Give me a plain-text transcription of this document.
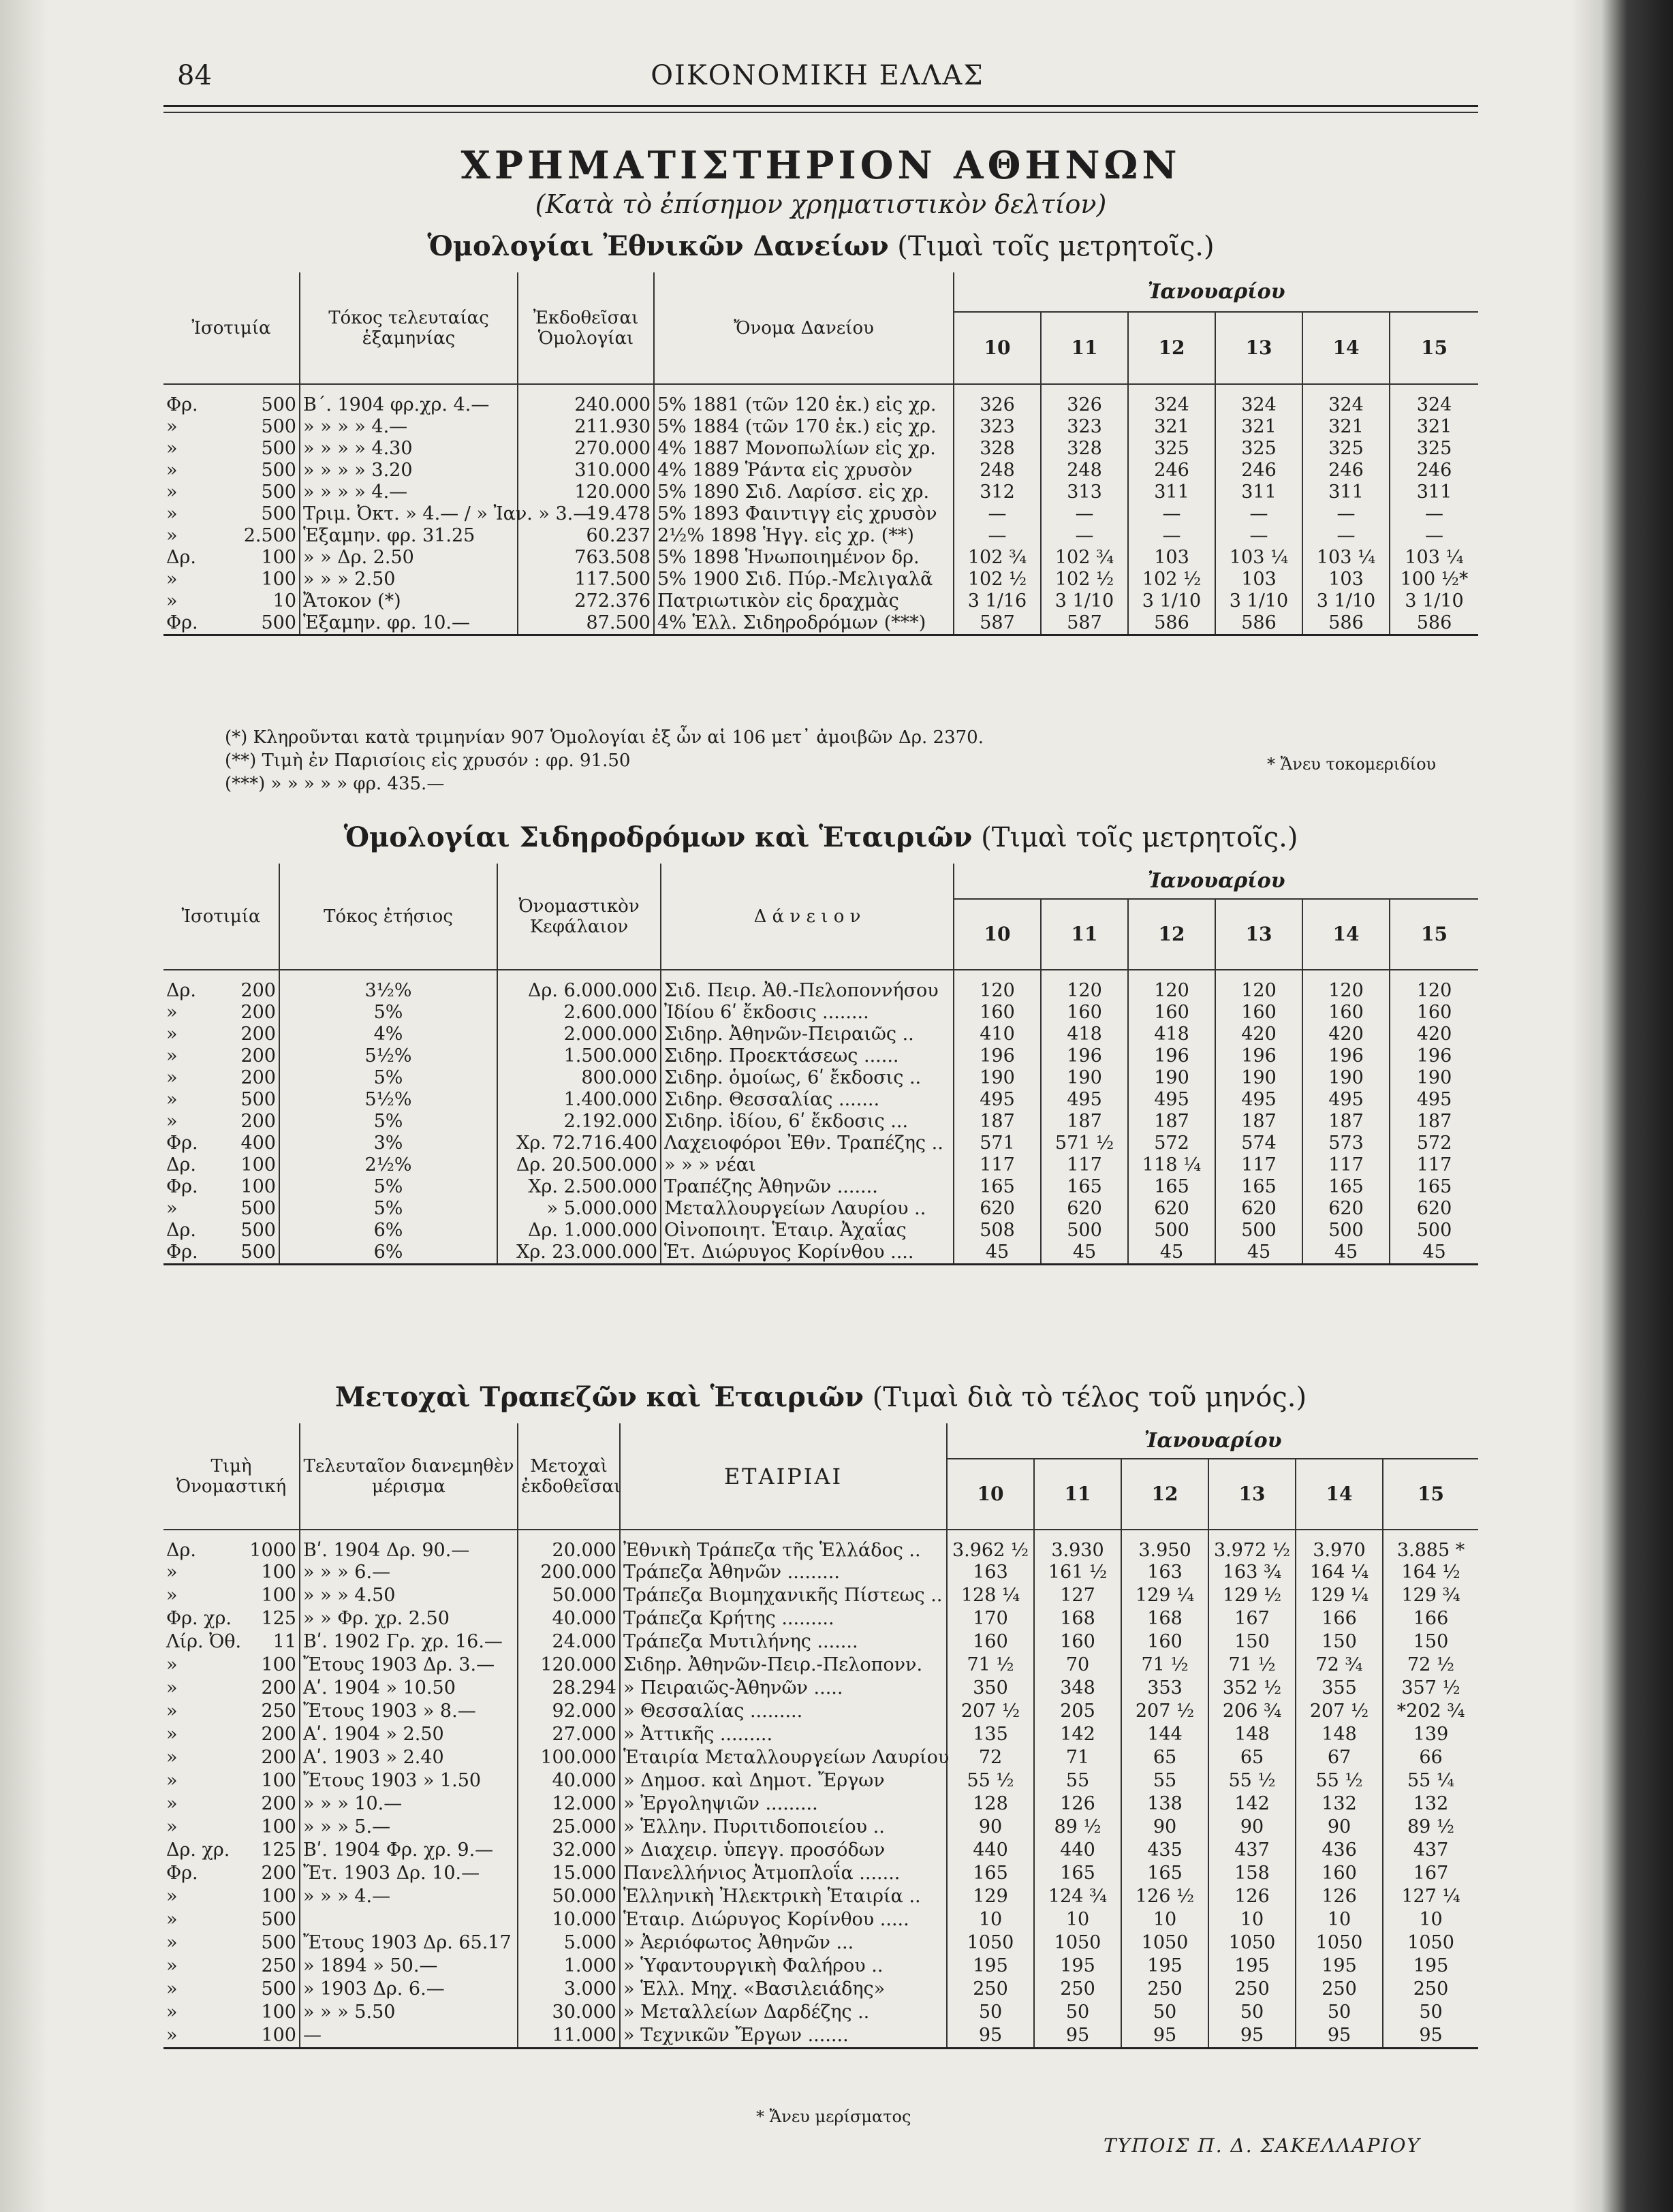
84	ΟΙΚΟΝΟΜΙΚΗ ΕΛΛΑΣ
ΧΡΗΜΑΤΙΣΤΗΡΙΟΝ ΑΘΗΝΩΝ
(Κατὰ τὸ ἐπίσημον χρηματιστικὸν δελτίον)
Ὁμολογίαι Ἐθνικῶν Δανείων (Τιμαὶ τοῖς μετρητοῖς.)
Ἰσοτιμία	Τόκος τελευταίας ἑξαμηνίας	Ἐκδοθεῖσαι Ὁμολογίαι	Ὄνομα Δανείου	Ἰανουαρίου					
				10	11	12	13	14	15
Φρ. 500	Β΄. 1904 φρ.χρ. 4.—	240.000	5% 1881 (τῶν 120 ἑκ.) εἰς χρ.	326	326	324	324	324	324
» 500	» » » » 4.—	211.930	5% 1884 (τῶν 170 ἑκ.) εἰς χρ.	323	323	321	321	321	321
» 500	» » » » 4.30	270.000	4% 1887 Μονοπωλίων εἰς χρ.	328	328	325	325	325	325
» 500	» » » » 3.20	310.000	4% 1889 Ῥάντα εἰς χρυσὸν	248	248	246	246	246	246
» 500	» » » » 4.—	120.000	5% 1890 Σιδ. Λαρίσσ. εἰς χρ.	312	313	311	311	311	311
» 500	Τριμ. Ὀκτ. » 4.— / » Ἰαν. » 3.—	19.478	5% 1893 Φαιντιγγ εἰς χρυσὸν	—	—	—	—	—	—
» 2.500	Ἑξαμην. φρ. 31.25	60.237	2½% 1898 Ἡγγ. εἰς χρ. (**)	—	—	—	—	—	—
Δρ. 100	» » Δρ. 2.50	763.508	5% 1898 Ἡνωποιημένον δρ.	102 ¾	102 ¾	103	103 ¼	103 ¼	103 ¼
» 100	» » » 2.50	117.500	5% 1900 Σιδ. Πύρ.-Μελιγαλᾶ	102 ½	102 ½	102 ½	103	103	100 ½*
» 10	Ἄτοκον (*)	272.376	Πατριωτικὸν εἰς δραχμὰς	3 1/16	3 1/10	3 1/10	3 1/10	3 1/10	3 1/10
Φρ. 500	Ἑξαμην. φρ. 10.—	87.500	4% Ἑλλ. Σιδηροδρόμων (***)	587	587	586	586	586	586
(*) Κληροῦνται κατὰ τριμηνίαν 907 Ὁμολογίαι ἐξ ὧν αἱ 106 μετ᾽ ἀμοιβῶν Δρ. 2370.
(**) Τιμὴ ἐν Παρισίοις εἰς χρυσόν : φρ. 91.50
(***) » » » » » φρ. 435.—
* Ἄνευ τοκομεριδίου
Ὁμολογίαι Σιδηροδρόμων καὶ Ἑταιριῶν (Τιμαὶ τοῖς μετρητοῖς.)
Ἰσοτιμία	Τόκος ἐτήσιος	Ὀνομαστικὸν Κεφάλαιον	Δ ά ν ε ι ο ν	Ἰανουαρίου					
				10	11	12	13	14	15
Δρ. 200	3½%	Δρ. 6.000.000	Σιδ. Πειρ. Ἀθ.-Πελοποννήσου	120	120	120	120	120	120
» 200	5%	2.600.000	Ἰδίου 6ʹ ἔκδοσις ........	160	160	160	160	160	160
» 200	4%	2.000.000	Σιδηρ. Ἀθηνῶν-Πειραιῶς ..	410	418	418	420	420	420
» 200	5½%	1.500.000	Σιδηρ. Προεκτάσεως ......	196	196	196	196	196	196
» 200	5%	800.000	Σιδηρ. ὁμοίως, 6ʹ ἔκδοσις ..	190	190	190	190	190	190
» 500	5½%	1.400.000	Σιδηρ. Θεσσαλίας .......	495	495	495	495	495	495
» 200	5%	2.192.000	Σιδηρ. ἰδίου, 6ʹ ἔκδοσις ...	187	187	187	187	187	187
Φρ. 400	3%	Χρ. 72.716.400	Λαχειοφόροι Ἐθν. Τραπέζης ..	571	571 ½	572	574	573	572
Δρ. 100	2½%	Δρ. 20.500.000	» » » νέαι	117	117	118 ¼	117	117	117
Φρ. 100	5%	Χρ. 2.500.000	Τραπέζης Ἀθηνῶν .......	165	165	165	165	165	165
» 500	5%	» 5.000.000	Μεταλλουργείων Λαυρίου ..	620	620	620	620	620	620
Δρ. 500	6%	Δρ. 1.000.000	Οἰνοποιητ. Ἑταιρ. Ἀχαΐας	508	500	500	500	500	500
Φρ. 500	6%	Χρ. 23.000.000	Ἑτ. Διώρυγος Κορίνθου ....	45	45	45	45	45	45
Μετοχαὶ Τραπεζῶν καὶ Ἑταιριῶν (Τιμαὶ διὰ τὸ τέλος τοῦ μηνός.)
Τιμὴ Ὀνομαστική	Τελευταῖον διανεμηθὲν μέρισμα	Μετοχαὶ ἐκδοθεῖσαι	ΕΤΑΙΡΙΑΙ	Ἰανουαρίου					
				10	11	12	13	14	15
Δρ. 1000	Βʹ. 1904 Δρ. 90.—	20.000	Ἐθνικὴ Τράπεζα τῆς Ἑλλάδος ..	3.962 ½	3.930	3.950	3.972 ½	3.970	3.885 *
» 100	» » » 6.—	200.000	Τράπεζα Ἀθηνῶν .........	163	161 ½	163	163 ¾	164 ¼	164 ½
» 100	» » » 4.50	50.000	Τράπεζα Βιομηχανικῆς Πίστεως ..	128 ¼	127	129 ¼	129 ½	129 ¼	129 ¾
Φρ. χρ. 125	» » Φρ. χρ. 2.50	40.000	Τράπεζα Κρήτης .........	170	168	168	167	166	166
Λίρ. Ὀθ. 11	Βʹ. 1902 Γρ. χρ. 16.—	24.000	Τράπεζα Μυτιλήνης .......	160	160	160	150	150	150
» 100	Ἔτους 1903 Δρ. 3.—	120.000	Σιδηρ. Ἀθηνῶν-Πειρ.-Πελοπονν.	71 ½	70	71 ½	71 ½	72 ¾	72 ½
» 200	Αʹ. 1904 » 10.50	28.294	» Πειραιῶς-Ἀθηνῶν .....	350	348	353	352 ½	355	357 ½
» 250	Ἔτους 1903 » 8.—	92.000	» Θεσσαλίας .........	207 ½	205	207 ½	206 ¾	207 ½	*202 ¾
» 200	Αʹ. 1904 » 2.50	27.000	» Ἀττικῆς .........	135	142	144	148	148	139
» 200	Αʹ. 1903 » 2.40	100.000	Ἑταιρία Μεταλλουργείων Λαυρίου	72	71	65	65	67	66
» 100	Ἔτους 1903 » 1.50	40.000	» Δημοσ. καὶ Δημοτ. Ἔργων	55 ½	55	55	55 ½	55 ½	55 ¼
» 200	» » » 10.—	12.000	» Ἐργοληψιῶν .........	128	126	138	142	132	132
» 100	» » » 5.—	25.000	» Ἑλλην. Πυριτιδοποιείου ..	90	89 ½	90	90	90	89 ½
Δρ. χρ. 125	Βʹ. 1904 Φρ. χρ. 9.—	32.000	» Διαχειρ. ὑπεγγ. προσόδων	440	440	435	437	436	437
Φρ. 200	Ἔτ. 1903 Δρ. 10.—	15.000	Πανελλήνιος Ἀτμοπλοΐα .......	165	165	165	158	160	167
» 100	» » » 4.—	50.000	Ἑλληνικὴ Ἠλεκτρικὴ Ἑταιρία ..	129	124 ¾	126 ½	126	126	127 ¼
» 500		10.000	Ἑταιρ. Διώρυγος Κορίνθου .....	10	10	10	10	10	10
» 500	Ἔτους 1903 Δρ. 65.17	5.000	» Ἀεριόφωτος Ἀθηνῶν ...	1050	1050	1050	1050	1050	1050
» 250	» 1894 » 50.—	1.000	» Ὑφαντουργικὴ Φαλήρου ..	195	195	195	195	195	195
» 500	» 1903 Δρ. 6.—	3.000	» Ἑλλ. Μηχ. «Βασιλειάδης»	250	250	250	250	250	250
» 100	» » » 5.50	30.000	» Μεταλλείων Δαρδέζης ..	50	50	50	50	50	50
» 100	—	11.000	» Τεχνικῶν Ἔργων .......	95	95	95	95	95	95
* Ἄνευ μερίσματος
ΤΥΠΟΙΣ Π. Δ. ΣΑΚΕΛΛΑΡΙΟΥ
